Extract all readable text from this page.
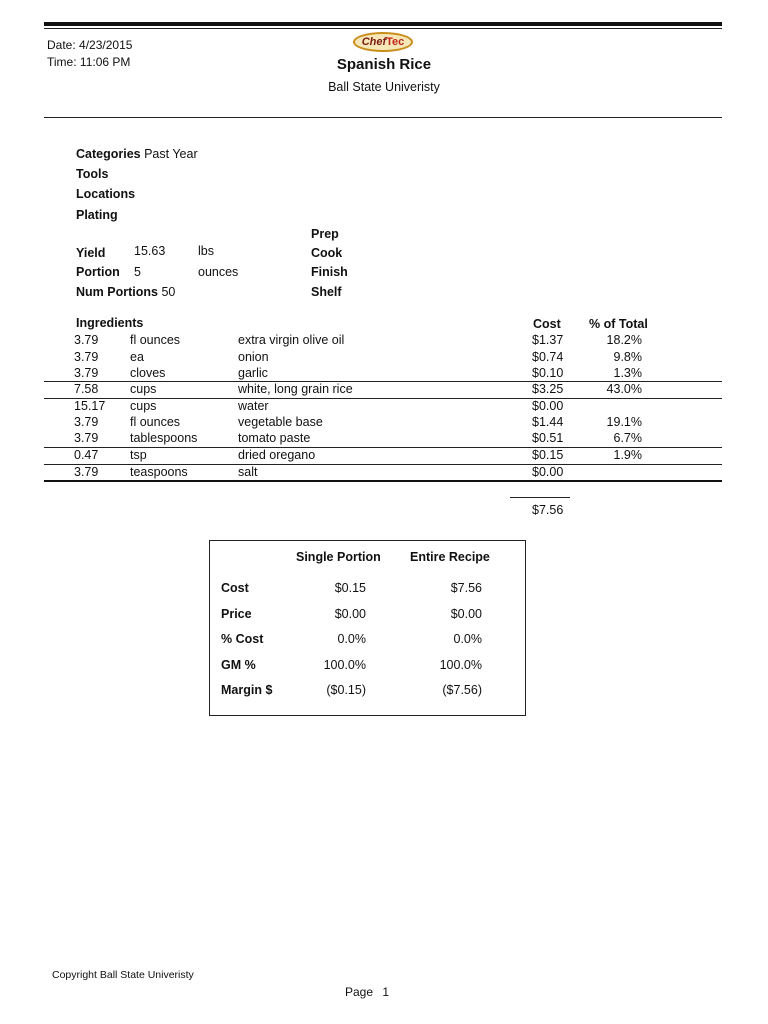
Date: 4/23/2015
Time: 11:06 PM
Chef Tec
Spanish Rice
Ball State Univeristy
Categories Past Year
Tools
Locations
Plating
Prep
Cook
Finish
Shelf
Yield 15.63	lbs
Portion 5	ounces
Num Portions 50
Ingredients	Cost % of Total
3.79	fl ounces	extra virgin olive oil	$1.37	18.2%
3.79	ea	onion	$0.74	9.8%
3.79	cloves	garlic	$0.10	1.3%
7.58	cups	white, long grain rice	$3.25	43.0%
15.17 cups	water	$0.00
3.79	fl ounces	vegetable base	$1.44	19.1%
3.79	tablespoons	tomato paste	$0.51	6.7%
0.47	tsp	dried oregano	$0.15	1.9%
3.79	teaspoons	salt	$0.00
$7.56
Single Portion Entire Recipe
Cost	$0.15	$7.56
Price	$0.00	$0.00
% Cost	0.0%	0.0%
GM %	100.0%	100.0%
Margin $	($0.15)	($7.56)
Copyright Ball State Univeristy
Page 1
